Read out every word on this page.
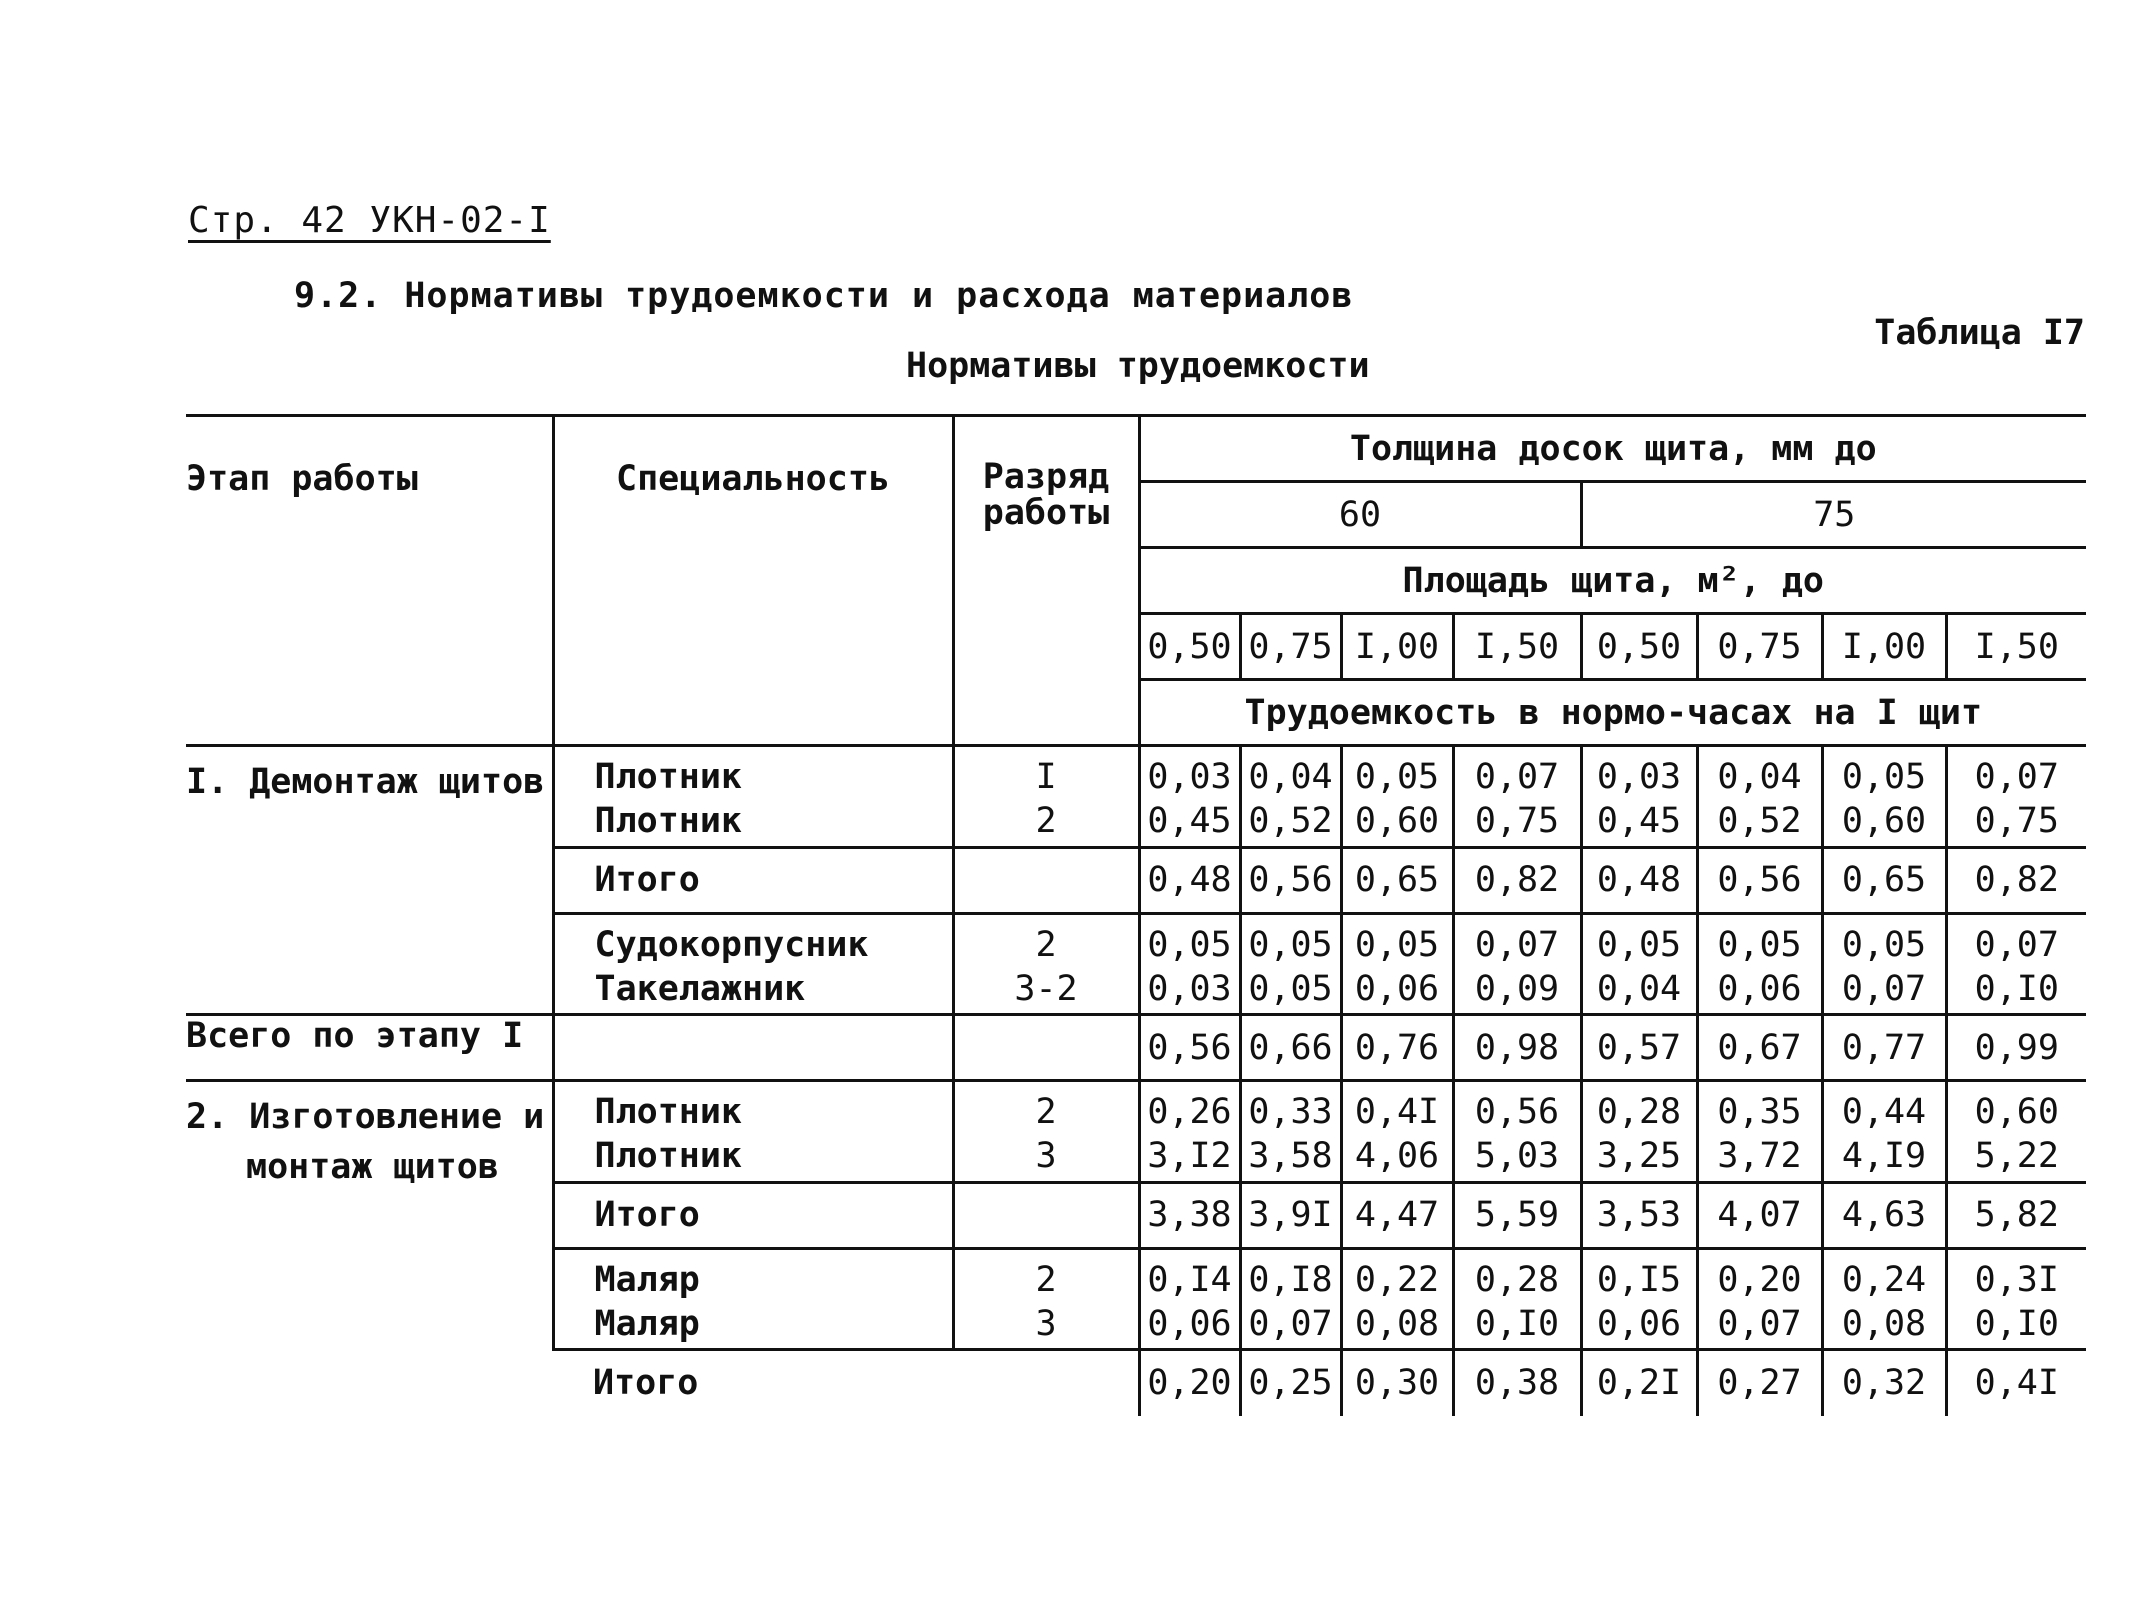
Стр. 42 УКН-02-I
9.2. Нормативы трудоемкости и расхода материалов
Таблица I7
Нормативы трудоемкости
Этап работы	Специальность	Разряд работы	Толщина досок щита, мм до							
			60				75			
			Площадь щита, м², до							
			0,50	0,75	I,00	I,50	0,50	0,75	I,00	I,50
			Трудоемкость в нормо-часах на I щит							
I. Демонтаж щитов	Плотник	I	0,03	0,04	0,05	0,07	0,03	0,04	0,05	0,07
	Плотник	2	0,45	0,52	0,60	0,75	0,45	0,52	0,60	0,75
	Итого		0,48	0,56	0,65	0,82	0,48	0,56	0,65	0,82
	Судокорпусник	2	0,05	0,05	0,05	0,07	0,05	0,05	0,05	0,07
	Такелажник	3-2	0,03	0,05	0,06	0,09	0,04	0,06	0,07	0,I0
Всего по этапу I			0,56	0,66	0,76	0,98	0,57	0,67	0,77	0,99
2. Изготовление и
монтаж щитов	Плотник	2	0,26	0,33	0,4I	0,56	0,28	0,35	0,44	0,60
	Плотник	3	3,I2	3,58	4,06	5,03	3,25	3,72	4,I9	5,22
	Итого		3,38	3,9I	4,47	5,59	3,53	4,07	4,63	5,82
	Маляр	2	0,I4	0,I8	0,22	0,28	0,I5	0,20	0,24	0,3I
	Маляр	3	0,06	0,07	0,08	0,I0	0,06	0,07	0,08	0,I0
	Итого		0,20	0,25	0,30	0,38	0,2I	0,27	0,32	0,4I
